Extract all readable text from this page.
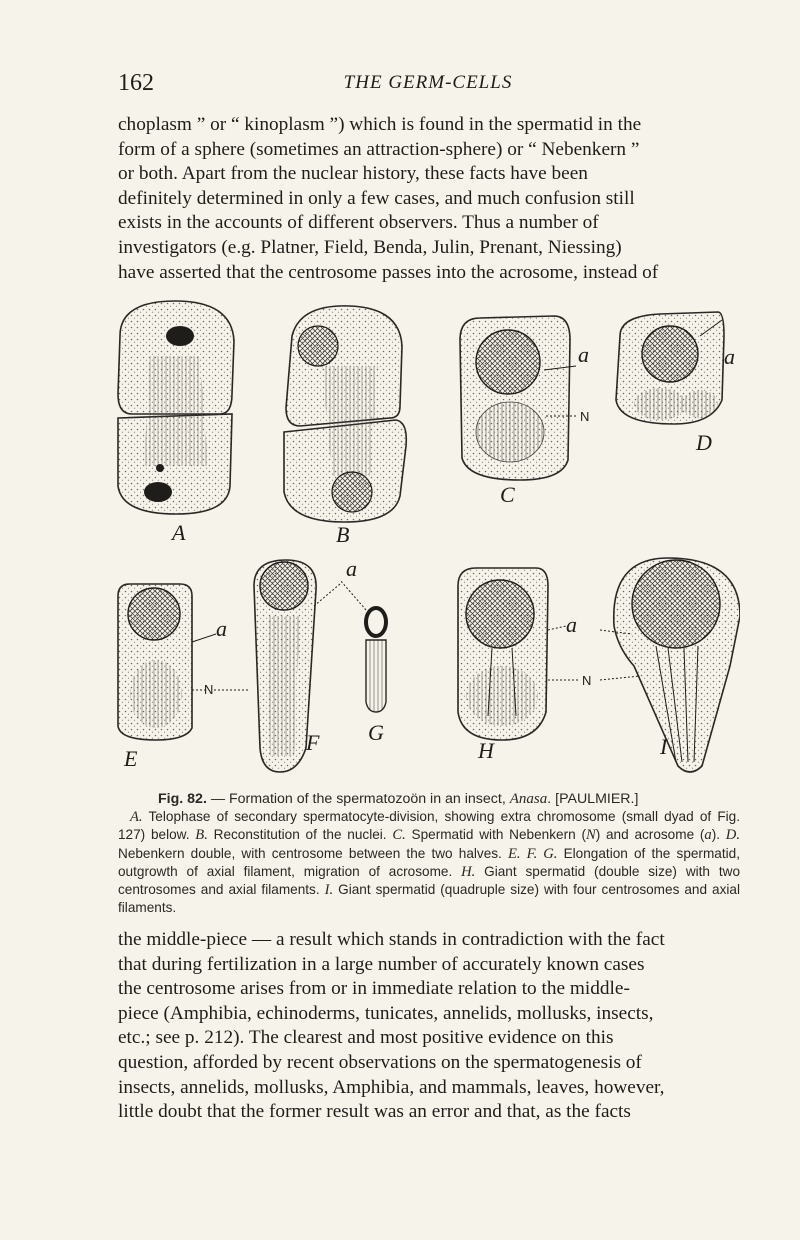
162	THE GERM-CELLS
choplasm ” or “ kinoplasm ”) which is found in the spermatid in the
form of a sphere (sometimes an attraction-sphere) or “ Nebenkern ”
or both. Apart from the nuclear history, these facts have been
definitely determined in only a few cases, and much confusion still
exists in the accounts of different observers. Thus a number of
investigators (e.g. Platner, Field, Benda, Julin, Prenant, Niessing)
have asserted that the centrosome passes into the acrosome, instead of
A	B
a
N
C
a
D
a
N
E
F
a
G
a
N
H	I
Fig. 82. — Formation of the spermatozoön in an insect, Anasa. [PAULMIER.]
A. Telophase of secondary spermatocyte-division, showing extra chromosome (small dyad of Fig. 127) below. B. Reconstitution of the nuclei. C. Spermatid with Nebenkern (N) and acrosome (a). D. Nebenkern double, with centrosome between the two halves. E. F. G. Elongation of the spermatid, outgrowth of axial filament, migration of acrosome. H. Giant spermatid (double size) with two centrosomes and axial filaments. I. Giant spermatid (quadruple size) with four centrosomes and axial filaments.
the middle-piece — a result which stands in contradiction with the fact
that during fertilization in a large number of accurately known cases
the centrosome arises from or in immediate relation to the middle-
piece (Amphibia, echinoderms, tunicates, annelids, mollusks, insects,
etc.; see p. 212). The clearest and most positive evidence on this
question, afforded by recent observations on the spermatogenesis of
insects, annelids, mollusks, Amphibia, and mammals, leaves, however,
little doubt that the former result was an error and that, as the facts
